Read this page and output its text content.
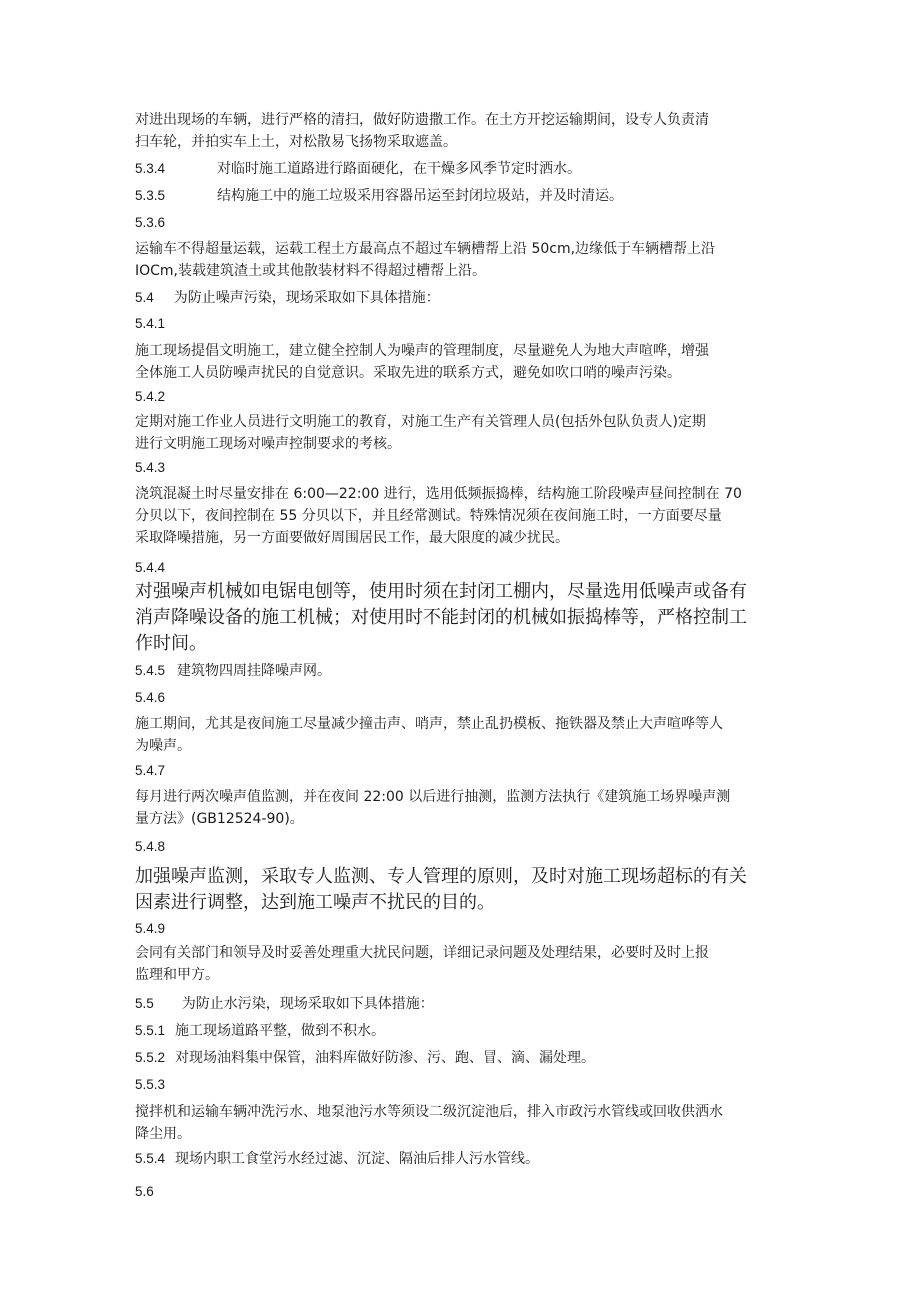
对进出现场的车辆，进行严格的清扫，做好防遗撒工作。在土方开挖运输期间，设专人负责清
扫车轮，并拍实车上土，对松散易飞扬物采取遮盖。

5.3.4	对临时施工道路进行路面硬化，在干燥多风季节定时洒水。

5.3.5	结构施工中的施工垃圾采用容器吊运至封闭垃圾站，并及时清运。

5.3.6

运输车不得超量运载，运载工程土方最高点不超过车辆槽帮上沿 50cm,边缘低于车辆槽帮上沿
IOCm,装载建筑渣土或其他散装材料不得超过槽帮上沿。

5.4 为防止噪声污染，现场采取如下具体措施：

5.4.1

施工现场提倡文明施工，建立健全控制人为噪声的管理制度，尽量避免人为地大声喧哗，增强
全体施工人员防噪声扰民的自觉意识。采取先进的联系方式，避免如吹口哨的噪声污染。

5.4.2

定期对施工作业人员进行文明施工的教育，对施工生产有关管理人员(包括外包队负责人)定期
进行文明施工现场对噪声控制要求的考核。

5.4.3

浇筑混凝土时尽量安排在 6:00—22:00 进行，选用低频振捣棒，结构施工阶段噪声昼间控制在 70
分贝以下，夜间控制在 55 分贝以下，并且经常测试。特殊情况须在夜间施工时，一方面要尽量
采取降噪措施，另一方面要做好周围居民工作，最大限度的减少扰民。

5.4.4

对强噪声机械如电锯电刨等，使用时须在封闭工棚内，尽量选用低噪声或备有
消声降噪设备的施工机械；对使用时不能封闭的机械如振捣棒等，严格控制工
作时间。

5.4.5 建筑物四周挂降噪声网。

5.4.6

施工期间，尤其是夜间施工尽量减少撞击声、哨声，禁止乱扔模板、拖铁器及禁止大声喧哗等人
为噪声。

5.4.7

每月进行两次噪声值监测，并在夜间 22:00 以后进行抽测，监测方法执行《建筑施工场界噪声测
量方法》(GB12524-90)。

5.4.8

加强噪声监测，采取专人监测、专人管理的原则，及时对施工现场超标的有关
因素进行调整，达到施工噪声不扰民的目的。

5.4.9

会同有关部门和领导及时妥善处理重大扰民问题，详细记录问题及处理结果，必要时及时上报
监理和甲方。

5.5 为防止水污染，现场采取如下具体措施：

5.5.1 施工现场道路平整，做到不积水。

5.5.2 对现场油料集中保管，油料库做好防渗、污、跑、冒、滴、漏处理。

5.5.3

搅拌机和运输车辆冲洗污水、地泵池污水等须设二级沉淀池后，排入市政污水管线或回收供洒水
降尘用。

5.5.4 现场内职工食堂污水经过滤、沉淀、隔油后排人污水管线。

5.6
